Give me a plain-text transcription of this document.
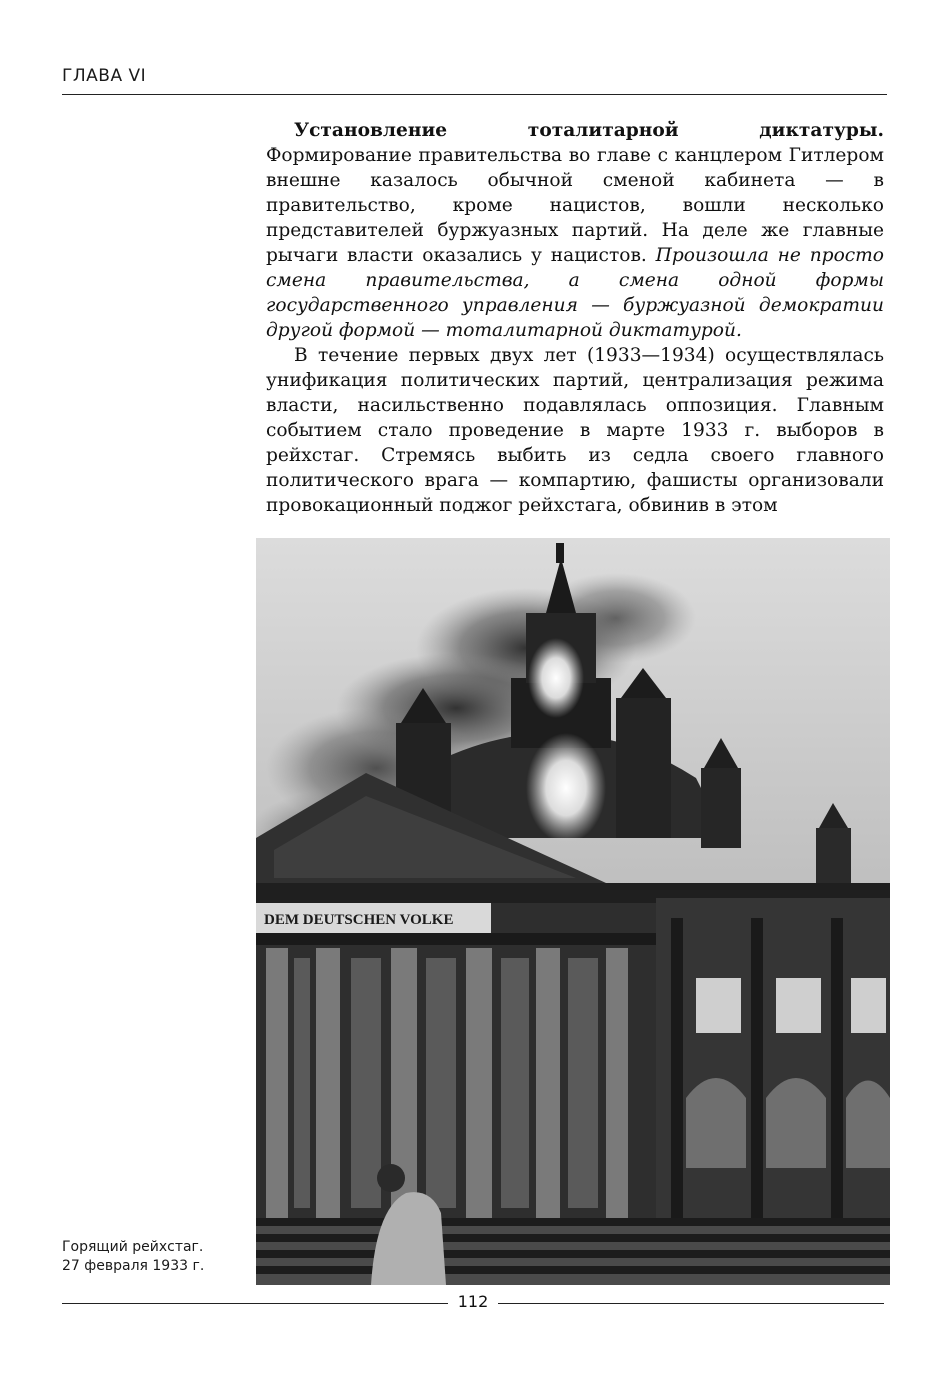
ГЛАВА VI

Установление тоталитарной диктатуры. Формирование правительства во главе с канцлером Гитлером внешне казалось обычной сменой кабинета — в правительство, кроме нацистов, вошли несколько представителей буржуазных партий. На деле же главные рычаги власти оказались у нацистов. Произошла не просто смена правительства, а смена одной формы государственного управления — буржуазной демократии другой формой — тоталитарной диктатурой.

В течение первых двух лет (1933—1934) осуществлялась унификация политических партий, централизация режима власти, насильственно подавлялась оппозиция. Главным событием стало проведение в марте 1933 г. выборов в рейхстаг. Стремясь выбить из седла своего главного политического врага — компартию, фашисты организовали провокационный поджог рейхстага, обвинив в этом

DEM DEUTSCHEN VOLKE
Горящий рейхстаг.
27 февраля 1933 г.
112
